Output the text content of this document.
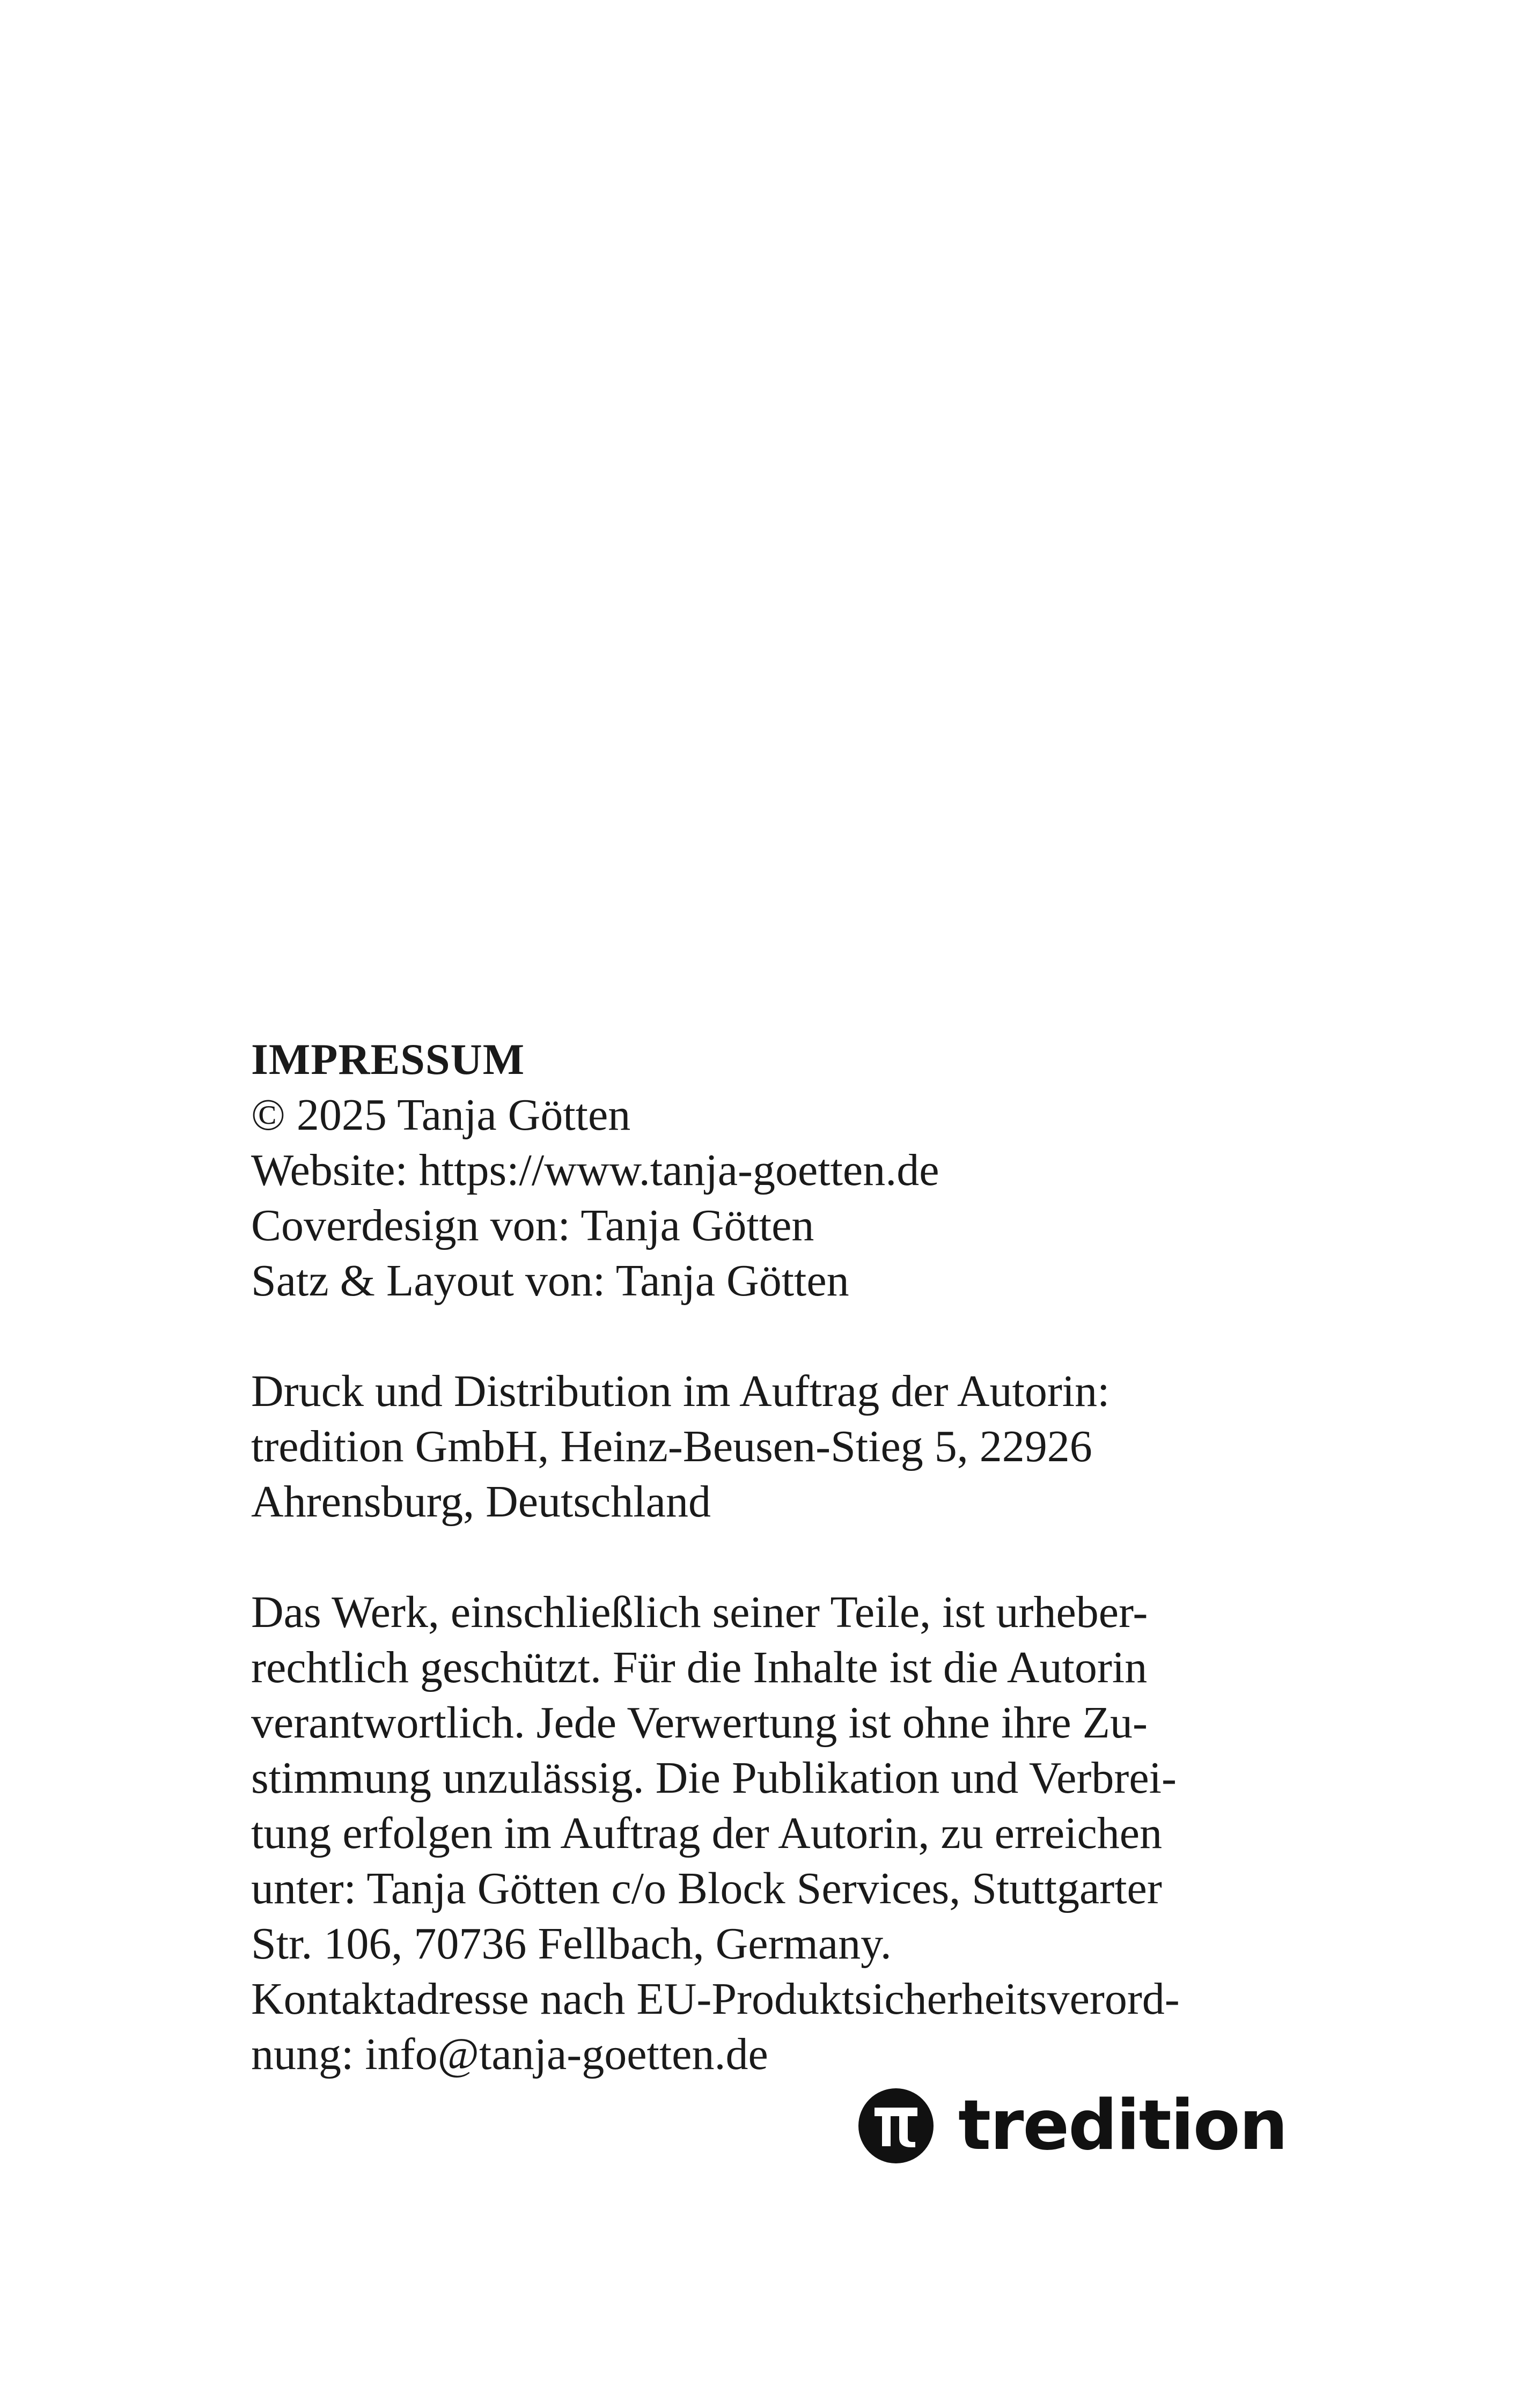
IMPRESSUM

© 2025 Tanja Götten
Website: https://www.tanja-goetten.de
Coverdesign von: Tanja Götten
Satz & Layout von: Tanja Götten
Druck und Distribution im Auftrag der Autorin:
tredition GmbH, Heinz-Beusen-Stieg 5, 22926
Ahrensburg, Deutschland
Das Werk, einschließlich seiner Teile, ist urheber-
rechtlich geschützt. Für die Inhalte ist die Autorin
verantwortlich. Jede Verwertung ist ohne ihre Zu-
stimmung unzulässig. Die Publikation und Verbrei-
tung erfolgen im Auftrag der Autorin, zu erreichen
unter: Tanja Götten c/o Block Services, Stuttgarter
Str. 106, 70736 Fellbach, Germany.
Kontaktadresse nach EU-Produktsicherheitsverord-
nung: info@tanja-goetten.de
tredition
